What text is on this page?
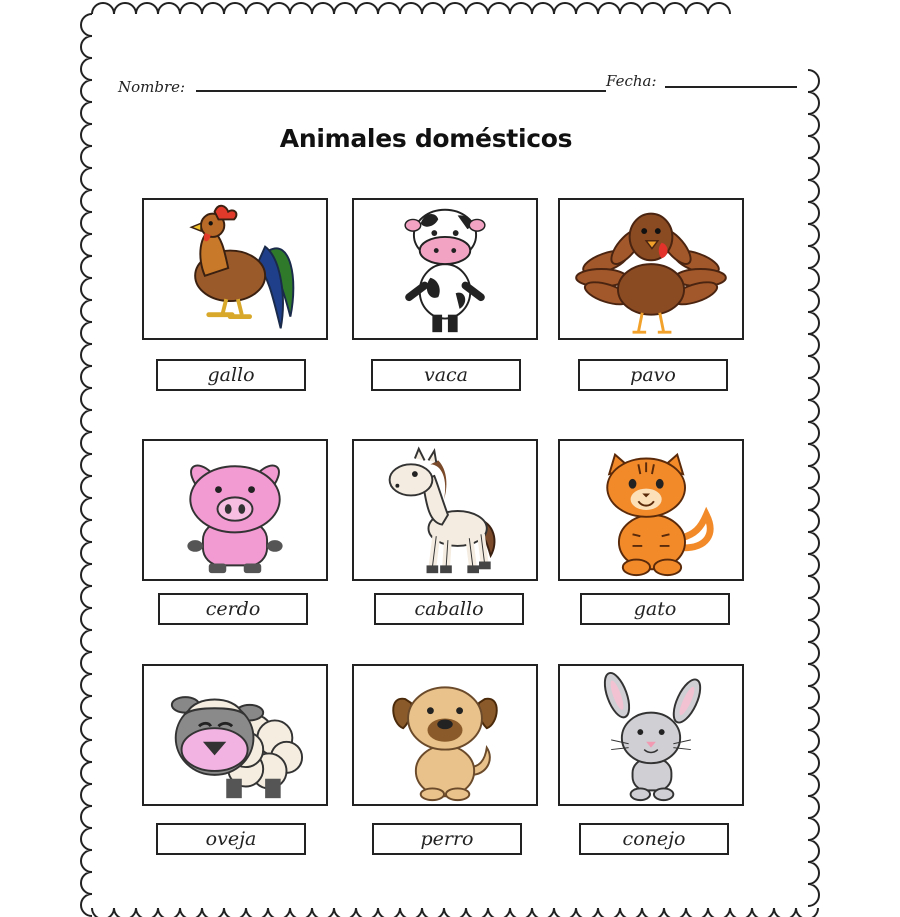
Nombre:	Fecha:
Animales domésticos
gallo	vaca	pavo
cerdo	caballo	gato
oveja	perro	conejo
